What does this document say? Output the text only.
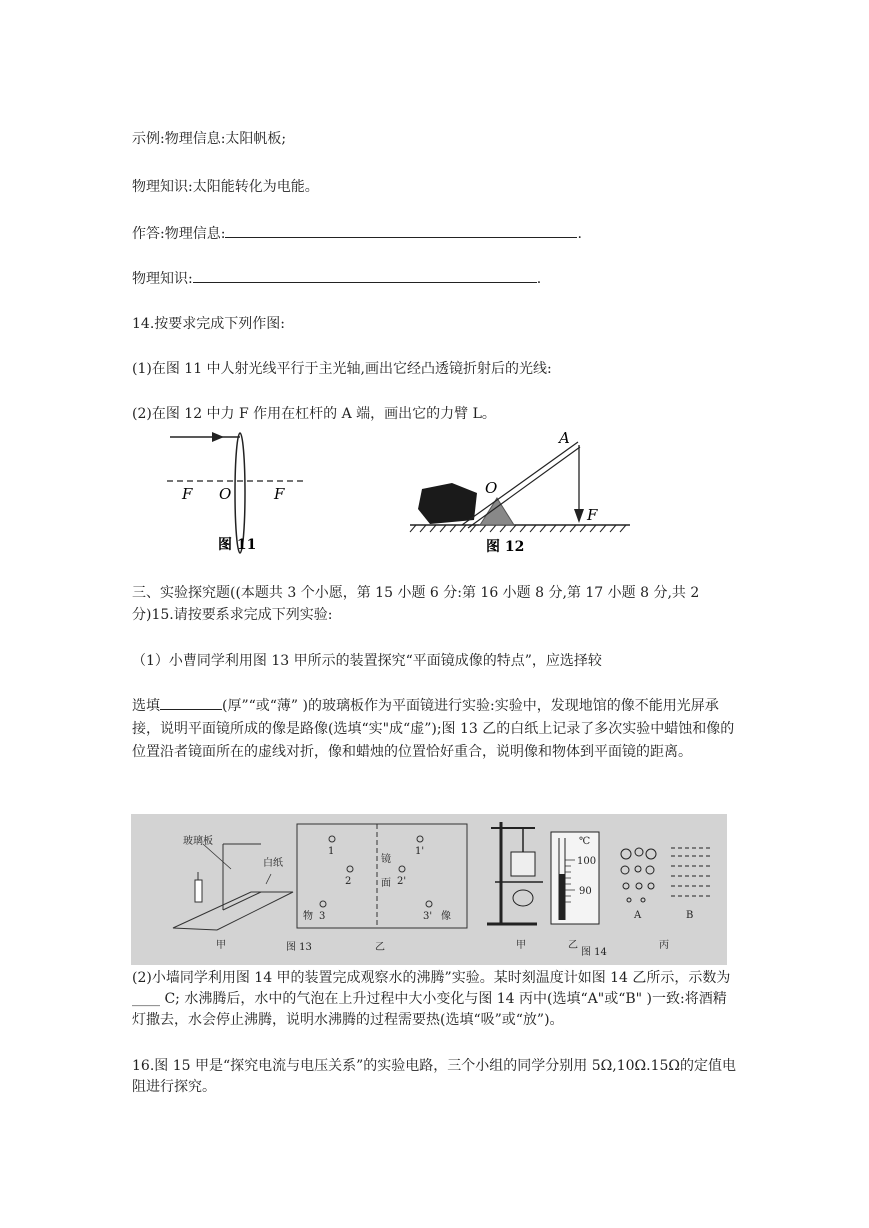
示例:物理信息:太阳帆板;
物理知识:太阳能转化为电能。
作答:物理信息:	.
物理知识:	.
14.按要求完成下列作图:
(1)在图 11 中人射光线平行于主光轴,画出它经凸透镜折射后的光线:
(2)在图 12 中力 F 作用在杠杆的 A 端，画出它的力臂 L。
F O	F
图 11
A
O
F
图 12
三、实验探究题((本题共 3 个小愿，第 15 小题 6 分:第 16 小题 8 分,第 17 小题 8 分,共 2
分)15.请按要系求完成下列实验:
（1）小曹同学利用图 13 甲所示的装置探究“平面镜成像的特点”，应选择较
选填	(厚”“或“薄” )的玻璃板作为平面镜进行实验:实验中，发现地馆的像不能用光屏承接，说明平面镜所成的像是路像(选填“实"成“虚”);图 13 乙的白纸上记录了多次实验中蜡蚀和像的位置沿者镜面所在的虚线对折，像和蜡烛的位置恰好重合，说明像和物体到平面镜的距离。
玻璃板
白纸
甲	图 13
1
2
3
1'
2'
3'
镜
面
物	像
乙	甲
℃
100
90
乙
图 14
A	B
丙
(2)小墙同学利用图 14 甲的装置完成观察水的沸腾”实验。某时刻温度计如图 14 乙所示，示数为____ C; 水沸腾后，水中的气泡在上升过程中大小变化与图 14 丙中(选填“A"或“B" )一致:将酒精灯撒去，水会停止沸腾，说明水沸腾的过程需要热(选填“吸”或“放”)。
16.图 15 甲是“探究电流与电压关系”的实验电路，三个小组的同学分别用 5Ω,10Ω.15Ω的定值电阻进行探究。
